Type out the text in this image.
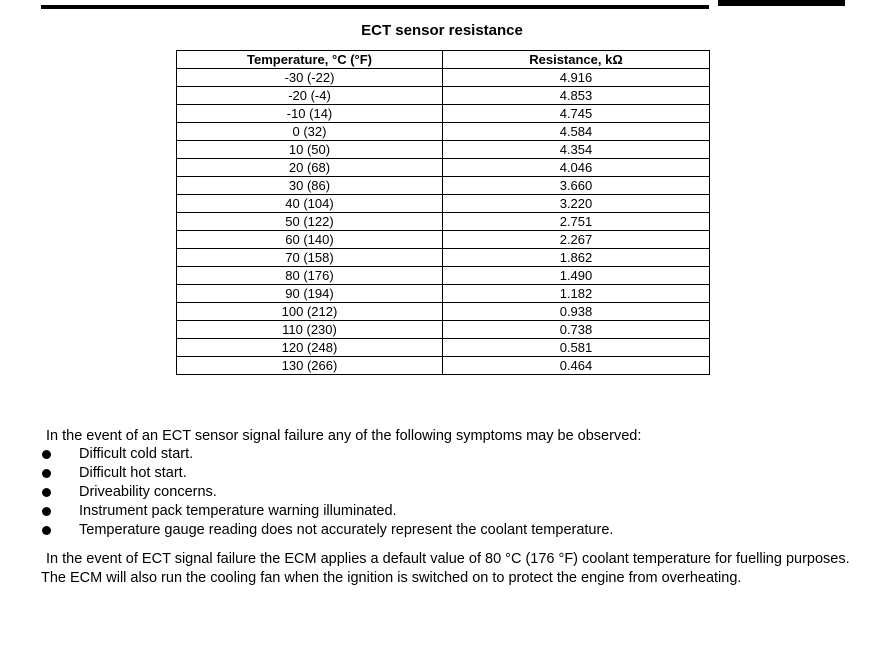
ECT sensor resistance
Temperature, °C (°F)	Resistance, kΩ
-30 (-22)	4.916
-20 (-4)	4.853
-10 (14)	4.745
0 (32)	4.584
10 (50)	4.354
20 (68)	4.046
30 (86)	3.660
40 (104)	3.220
50 (122)	2.751
60 (140)	2.267
70 (158)	1.862
80 (176)	1.490
90 (194)	1.182
100 (212)	0.938
110 (230)	0.738
120 (248)	0.581
130 (266)	0.464
In the event of an ECT sensor signal failure any of the following symptoms may be observed:
Difficult cold start.
Difficult hot start.
Driveability concerns.
Instrument pack temperature warning illuminated.
Temperature gauge reading does not accurately represent the coolant temperature.
In the event of ECT signal failure the ECM applies a default value of 80 °C (176 °F) coolant temperature for fuelling purposes. The ECM will also run the cooling fan when the ignition is switched on to protect the engine from overheating.
